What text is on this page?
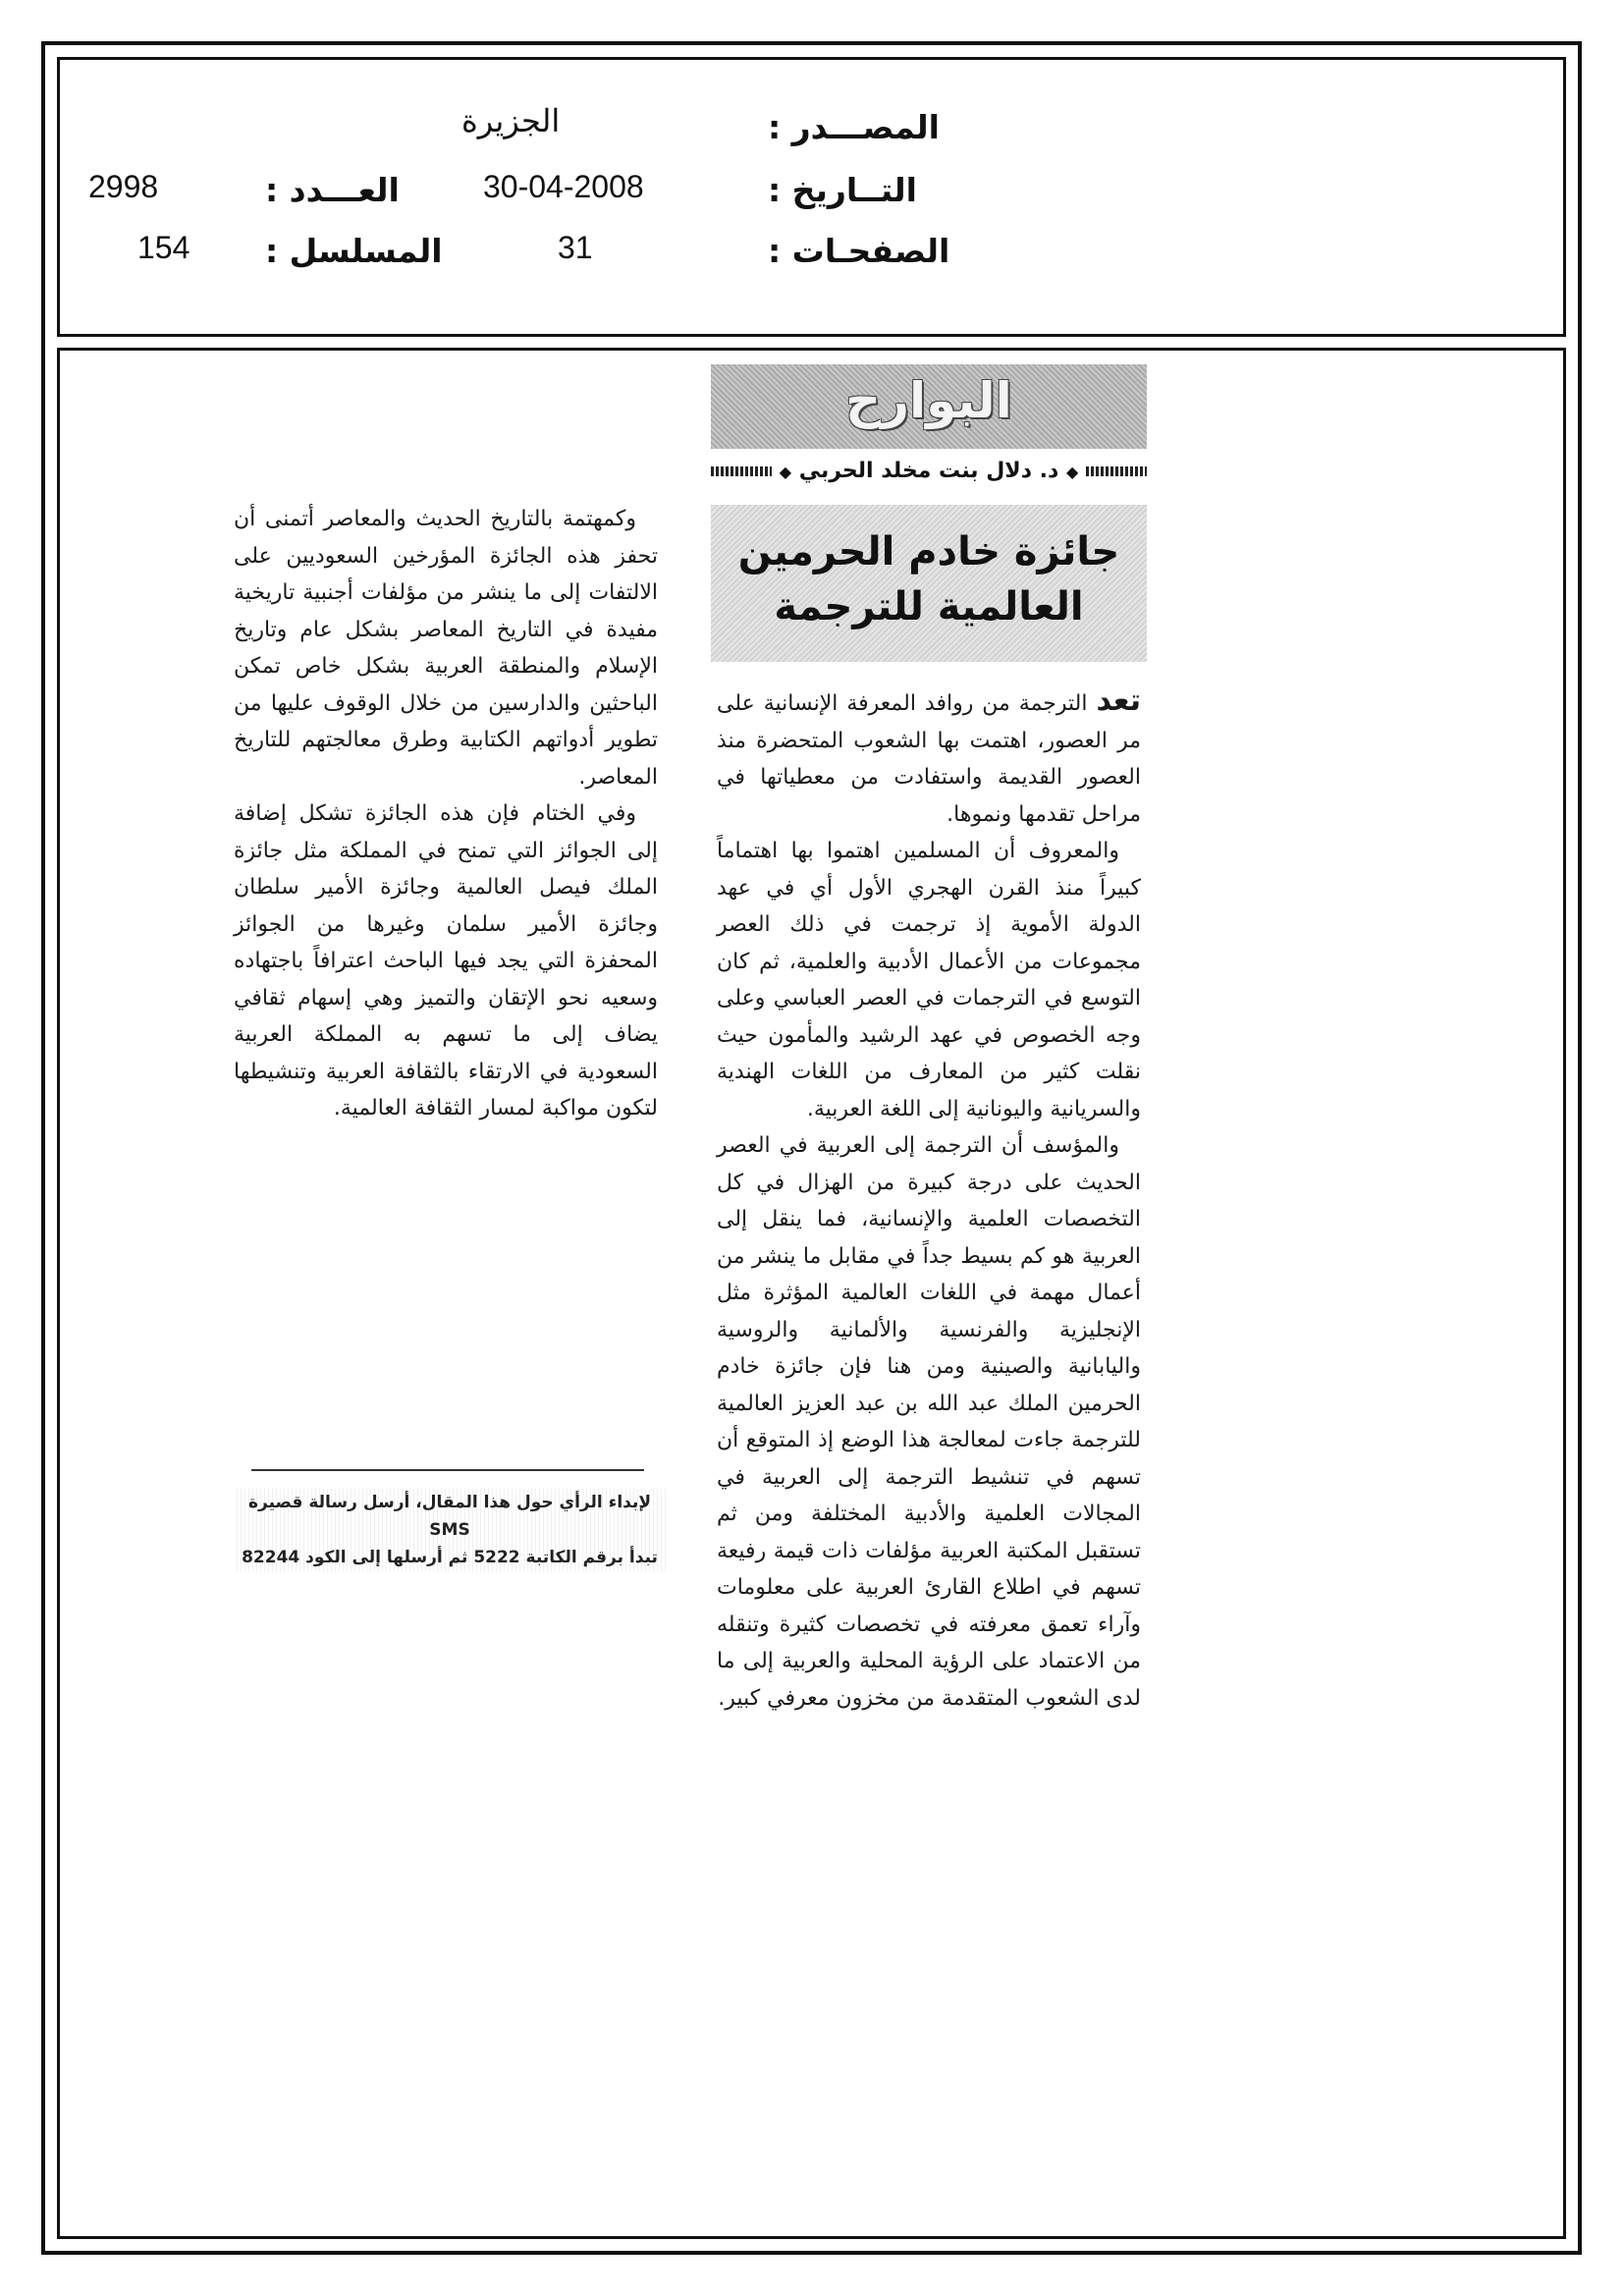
الجزيرة	المصـــدر :
2998	العـــدد :	30-04-2008	التــاريخ :
154 المسلسل :	31	الصفحـات :
البوارح
◆ د. دلال بنت مخلد الحربي ◆
جائزة خادم الحرمين
العالمية للترجمة

تعد الترجمة من روافد المعرفة الإنسانية على مر العصور، اهتمت بها الشعوب المتحضرة منذ العصور القديمة واستفادت من معطياتها في مراحل تقدمها ونموها.

والمعروف أن المسلمين اهتموا بها اهتماماً كبيراً منذ القرن الهجري الأول أي في عهد الدولة الأموية إذ ترجمت في ذلك العصر مجموعات من الأعمال الأدبية والعلمية، ثم كان التوسع في الترجمات في العصر العباسي وعلى وجه الخصوص في عهد الرشيد والمأمون حيث نقلت كثير من المعارف من اللغات الهندية والسريانية واليونانية إلى اللغة العربية.

والمؤسف أن الترجمة إلى العربية في العصر الحديث على درجة كبيرة من الهزال في كل التخصصات العلمية والإنسانية، فما ينقل إلى العربية هو كم بسيط جداً في مقابل ما ينشر من أعمال مهمة في اللغات العالمية المؤثرة مثل الإنجليزية والفرنسية والألمانية والروسية واليابانية والصينية ومن هنا فإن جائزة خادم الحرمين الملك عبد الله بن عبد العزيز العالمية للترجمة جاءت لمعالجة هذا الوضع إذ المتوقع أن تسهم في تنشيط الترجمة إلى العربية في المجالات العلمية والأدبية المختلفة ومن ثم تستقبل المكتبة العربية مؤلفات ذات قيمة رفيعة تسهم في اطلاع القارئ العربية على معلومات وآراء تعمق معرفته في تخصصات كثيرة وتنقله من الاعتماد على الرؤية المحلية والعربية إلى ما لدى الشعوب المتقدمة من مخزون معرفي كبير.

وكمهتمة بالتاريخ الحديث والمعاصر أتمنى أن تحفز هذه الجائزة المؤرخين السعوديين على الالتفات إلى ما ينشر من مؤلفات أجنبية تاريخية مفيدة في التاريخ المعاصر بشكل عام وتاريخ الإسلام والمنطقة العربية بشكل خاص تمكن الباحثين والدارسين من خلال الوقوف عليها من تطوير أدواتهم الكتابية وطرق معالجتهم للتاريخ المعاصر.

وفي الختام فإن هذه الجائزة تشكل إضافة إلى الجوائز التي تمنح في المملكة مثل جائزة الملك فيصل العالمية وجائزة الأمير سلطان وجائزة الأمير سلمان وغيرها من الجوائز المحفزة التي يجد فيها الباحث اعترافاً باجتهاده وسعيه نحو الإتقان والتميز وهي إسهام ثقافي يضاف إلى ما تسهم به المملكة العربية السعودية في الارتقاء بالثقافة العربية وتنشيطها لتكون مواكبة لمسار الثقافة العالمية.

لإبداء الرأي حول هذا المقال، أرسل رسالة قصيرة SMS
تبدأ برقم الكاتبة 5222 ثم أرسلها إلى الكود 82244
